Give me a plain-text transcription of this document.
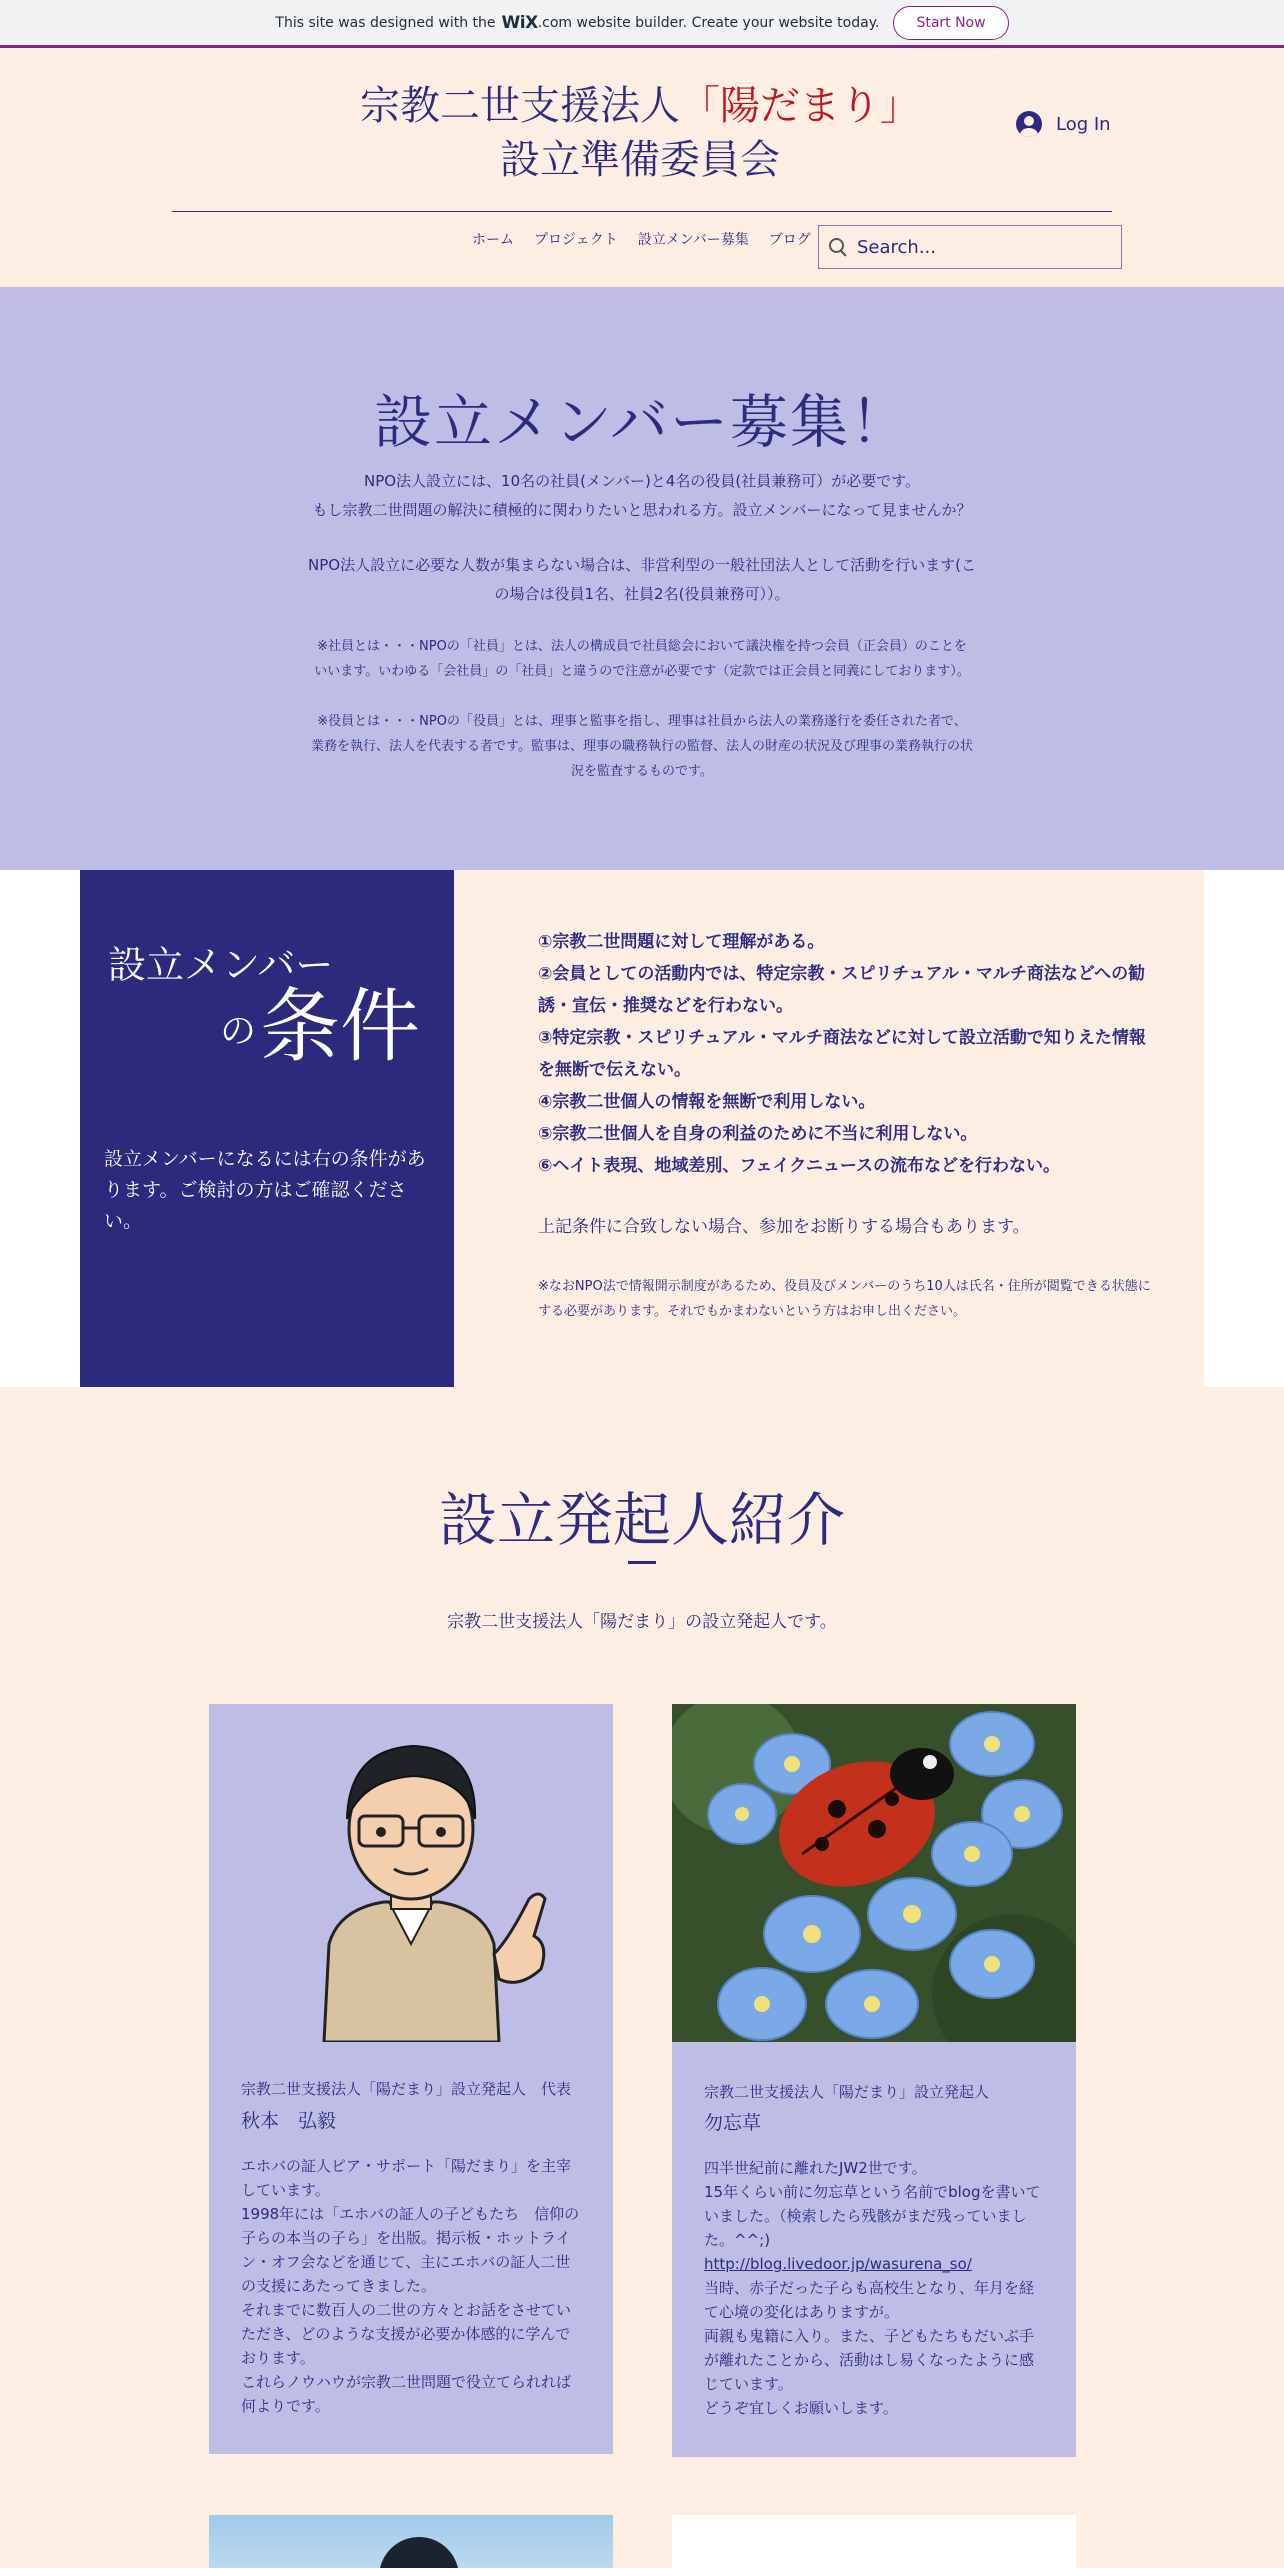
This site was designed with the WiX .com website builder. Create your website today.	Start Now
宗教二世支援法人「陽だまり」
設立準備委員会
Log In
ホーム プロジェクト 設立メンバー募集 ブログ
Search...
設立メンバー募集！
NPO法人設立には、10名の社員(メンバー)と4名の役員(社員兼務可）が必要です。
もし宗教二世問題の解決に積極的に関わりたいと思われる方。設立メンバーになって見ませんか？
NPO法人設立に必要な人数が集まらない場合は、非営利型の一般社団法人として活動を行います(こ
の場合は役員1名、社員2名(役員兼務可））。
※社員とは・・・NPOの「社員」とは、法人の構成員で社員総会において議決権を持つ会員（正会員）のことを
いいます。いわゆる「会社員」の「社員」と違うので注意が必要です（定款では正会員と同義にしております）。
※役員とは・・・NPOの「役員」とは、理事と監事を指し、理事は社員から法人の業務遂行を委任された者で、
業務を執行、法人を代表する者です。監事は、理事の職務執行の監督、法人の財産の状況及び理事の業務執行の状
況を監査するものです。
設立メンバー
の条件
設立メンバーになるには右の条件があります。ご検討の方はご確認ください。
①宗教二世問題に対して理解がある。
②会員としての活動内では、特定宗教・スピリチュアル・マルチ商法などへの勧誘・宣伝・推奨などを行わない。
③特定宗教・スピリチュアル・マルチ商法などに対して設立活動で知りえた情報を無断で伝えない。
④宗教二世個人の情報を無断で利用しない。
⑤宗教二世個人を自身の利益のために不当に利用しない。
⑥ヘイト表現、地域差別、フェイクニュースの流布などを行わない。
上記条件に合致しない場合、参加をお断りする場合もあります。
※なおNPO法で情報開示制度があるため、役員及びメンバーのうち10人は氏名・住所が閲覧できる状態にする必要があります。それでもかまわないという方はお申し出ください。
設立発起人紹介
宗教二世支援法人「陽だまり」の設立発起人です。
宗教二世支援法人「陽だまり」設立発起人　代表
秋本　弘毅
エホバの証人ピア・サポート「陽だまり」を主宰しています。
1998年には「エホバの証人の子どもたち　信仰の子らの本当の子ら」を出版。掲示板・ホットライン・オフ会などを通じて、主にエホバの証人二世の支援にあたってきました。
それまでに数百人の二世の方々とお話をさせていただき、どのような支援が必要か体感的に学んでおります。
これらノウハウが宗教二世問題で役立てられれば何よりです。
宗教二世支援法人「陽だまり」設立発起人
勿忘草
四半世紀前に離れたJW2世です。
15年くらい前に勿忘草という名前でblogを書いていました。（検索したら残骸がまだ残っていました。^^;)
http://blog.livedoor.jp/wasurena_so/
当時、赤子だった子らも高校生となり、年月を経て心境の変化はありますが。
両親も鬼籍に入り。また、子どもたちもだいぶ手が離れたことから、活動はし易くなったように感じています。
どうぞ宜しくお願いします。
